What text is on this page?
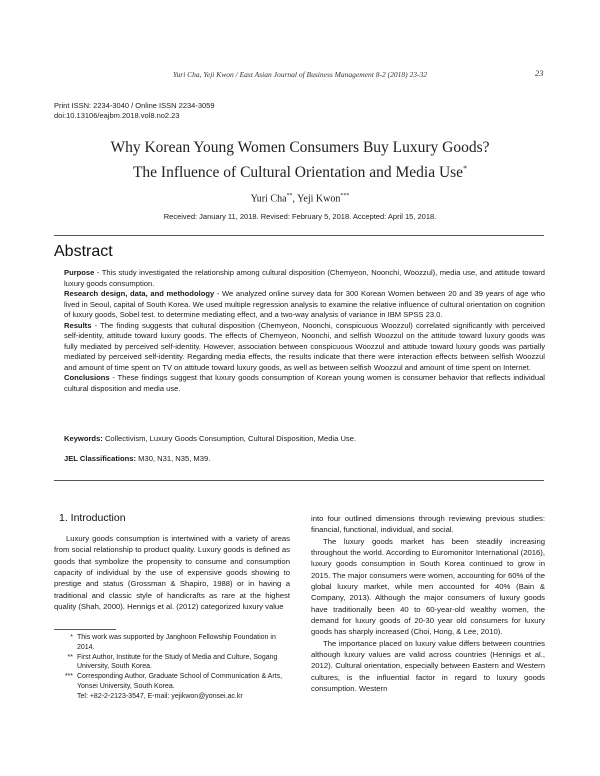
Yuri Cha, Yeji Kwon / East Asian Journal of Business Management 8-2 (2018) 23-32	23
Print ISSN: 2234-3040 / Online ISSN 2234-3059
doi:10.13106/eajbm.2018.vol8.no2.23
Why Korean Young Women Consumers Buy Luxury Goods?
The Influence of Cultural Orientation and Media Use*
Yuri Cha**, Yeji Kwon***
Received: January 11, 2018. Revised: February 5, 2018. Accepted: April 15, 2018.
Abstract

Purpose - This study investigated the relationship among cultural disposition (Chemyeon, Noonchi, Woozzul), media use, and attitude toward luxury goods consumption.

Research design, data, and methodology - We analyzed online survey data for 300 Korean Women between 20 and 39 years of age who lived in Seoul, capital of South Korea. We used multiple regression analysis to examine the relative influence of cultural orientation on cognition of luxury goods, Sobel test. to determine mediating effect, and a two-way analysis of variance in IBM SPSS 23.0.

Results - The finding suggests that cultural disposition (Chemyeon, Noonchi, conspicuous Woozzul) correlated significantly with perceived self-identity, attitude toward luxury goods. The effects of Chemyeon, Noonchi, and selfish Woozzul on the attitude toward luxury goods was fully mediated by perceived self-identity. However, association between conspicuous Woozzul and attitude toward luxury goods was partially mediated by perceived self-identity. Regarding media effects, the results indicate that there were interaction effects between selfish Woozzul and amount of time spent on TV on attitude toward luxury goods, as well as between selfish Woozzul and amount of time spent on Internet.

Conclusions - These findings suggest that luxury goods consumption of Korean young women is consumer behavior that reflects individual cultural disposition and media use.

Keywords: Collectivism, Luxury Goods Consumption, Cultural Disposition, Media Use.
JEL Classifications: M30, N31, N35, M39.
1. Introduction

Luxury goods consumption is intertwined with a variety of areas from social relationship to product quality. Luxury goods is defined as goods that symbolize the propensity to consume and consumption capacity of individual by the use of expensive goods showing to prestige and status (Grossman & Shapiro, 1988) or in having a traditional and classic style of handicrafts as rare at the highest quality (Shah, 2000). Hennigs et al. (2012) categorized luxury value

* This work was supported by Janghoon Fellowship Foundation in 2014.
** First Author, Institute for the Study of Media and Culture, Sogang University, South Korea.
*** Corresponding Author, Graduate School of Communication & Arts, Yonsei University, South Korea.
Tel: +82-2-2123-3547, E-mail: yejikwon@yonsei.ac.kr

into four outlined dimensions through reviewing previous studies: financial, functional, individual, and social.

The luxury goods market has been steadily increasing throughout the world. According to Euromonitor International (2016), luxury goods consumption in South Korea continued to grow in 2015. The major consumers were women, accounting for 60% of the global luxury market, while men accounted for 40% (Bain & Company, 2013). Although the major consumers of luxury goods have traditionally been 40 to 60-year-old wealthy women, the demand for luxury goods of 20-30 year old consumers for luxury goods has sharply increased (Choi, Hong, & Lee, 2010).

The importance placed on luxury value differs between countries although luxury values are valid across countries (Hennigs et al., 2012). Cultural orientation, especially between Eastern and Western cultures, is the influential factor in regard to luxury goods consumption. Western
